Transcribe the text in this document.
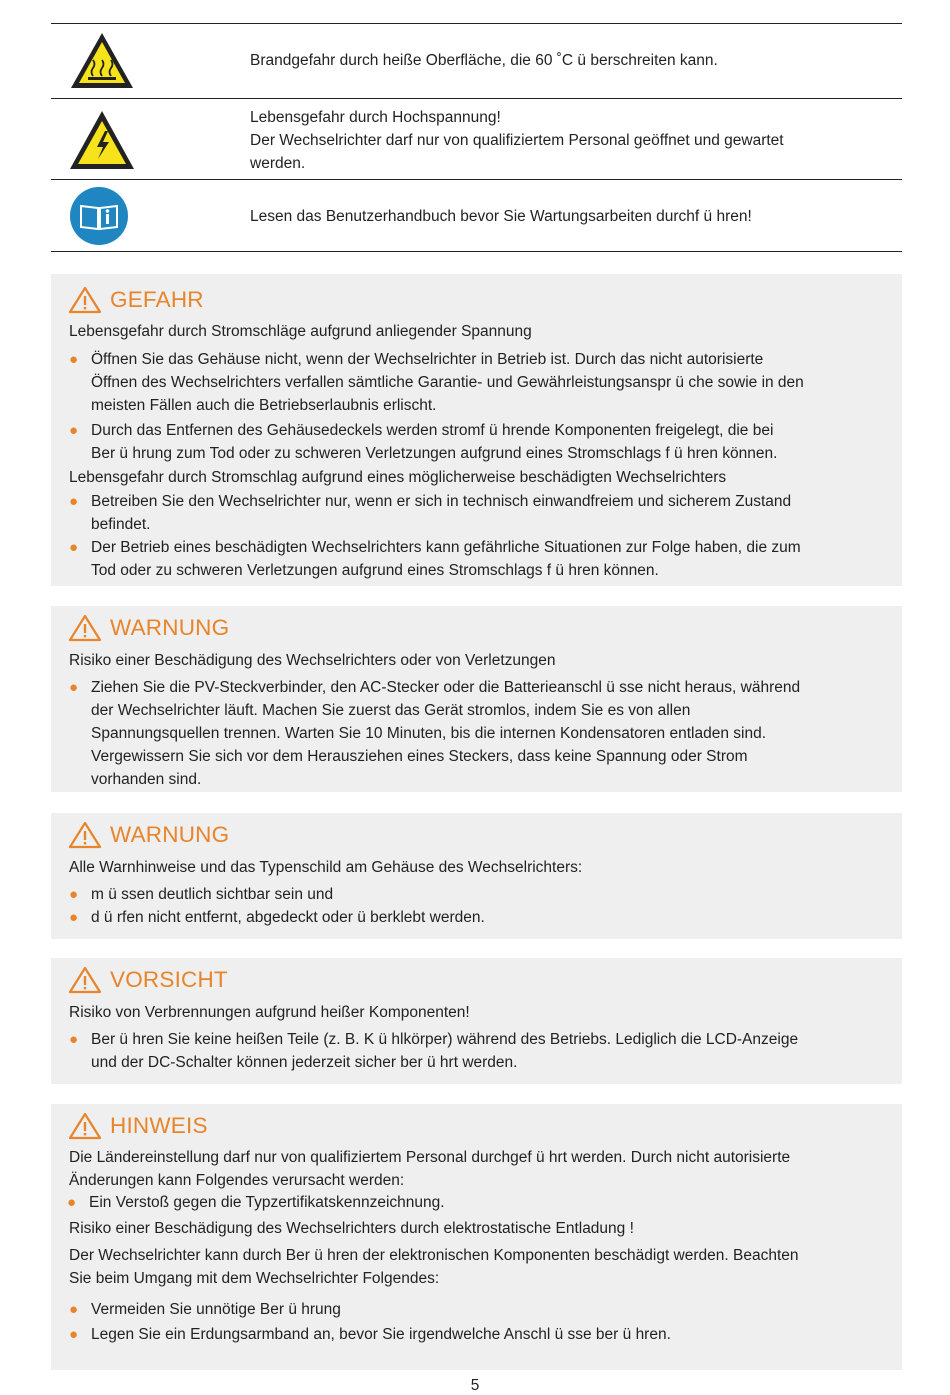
Brandgefahr durch heiße Oberfläche, die 60 ˚C ü berschreiten kann.
Lebensgefahr durch Hochspannung!
Der Wechselrichter darf nur von qualifiziertem Personal geöffnet und gewartet
werden.
Lesen das Benutzerhandbuch bevor Sie Wartungsarbeiten durchf ü hren!
GEFAHR
Lebensgefahr durch Stromschläge aufgrund anliegender Spannung
● Öffnen Sie das Gehäuse nicht, wenn der Wechselrichter in Betrieb ist. Durch das nicht autorisierte
Öffnen des Wechselrichters verfallen sämtliche Garantie- und Gewährleistungsanspr ü che sowie in den
meisten Fällen auch die Betriebserlaubnis erlischt.
● Durch das Entfernen des Gehäusedeckels werden stromf ü hrende Komponenten freigelegt, die bei
Ber ü hrung zum Tod oder zu schweren Verletzungen aufgrund eines Stromschlags f ü hren können.
Lebensgefahr durch Stromschlag aufgrund eines möglicherweise beschädigten Wechselrichters
● Betreiben Sie den Wechselrichter nur, wenn er sich in technisch einwandfreiem und sicherem Zustand
befindet.
● Der Betrieb eines beschädigten Wechselrichters kann gefährliche Situationen zur Folge haben, die zum
Tod oder zu schweren Verletzungen aufgrund eines Stromschlags f ü hren können.
WARNUNG
Risiko einer Beschädigung des Wechselrichters oder von Verletzungen
● Ziehen Sie die PV-Steckverbinder, den AC-Stecker oder die Batterieanschl ü sse nicht heraus, während
der Wechselrichter läuft. Machen Sie zuerst das Gerät stromlos, indem Sie es von allen
Spannungsquellen trennen. Warten Sie 10 Minuten, bis die internen Kondensatoren entladen sind.
Vergewissern Sie sich vor dem Herausziehen eines Steckers, dass keine Spannung oder Strom
vorhanden sind.
WARNUNG
Alle Warnhinweise und das Typenschild am Gehäuse des Wechselrichters:
● m ü ssen deutlich sichtbar sein und
● d ü rfen nicht entfernt, abgedeckt oder ü berklebt werden.
VORSICHT
Risiko von Verbrennungen aufgrund heißer Komponenten!
● Ber ü hren Sie keine heißen Teile (z. B. K ü hlkörper) während des Betriebs. Lediglich die LCD-Anzeige
und der DC-Schalter können jederzeit sicher ber ü hrt werden.
HINWEIS
Die Ländereinstellung darf nur von qualifiziertem Personal durchgef ü hrt werden. Durch nicht autorisierte
Änderungen kann Folgendes verursacht werden:
● Ein Verstoß gegen die Typzertifikatskennzeichnung.
Risiko einer Beschädigung des Wechselrichters durch elektrostatische Entladung !
Der Wechselrichter kann durch Ber ü hren der elektronischen Komponenten beschädigt werden. Beachten
Sie beim Umgang mit dem Wechselrichter Folgendes:
● Vermeiden Sie unnötige Ber ü hrung
● Legen Sie ein Erdungsarmband an, bevor Sie irgendwelche Anschl ü sse ber ü hren.
5
